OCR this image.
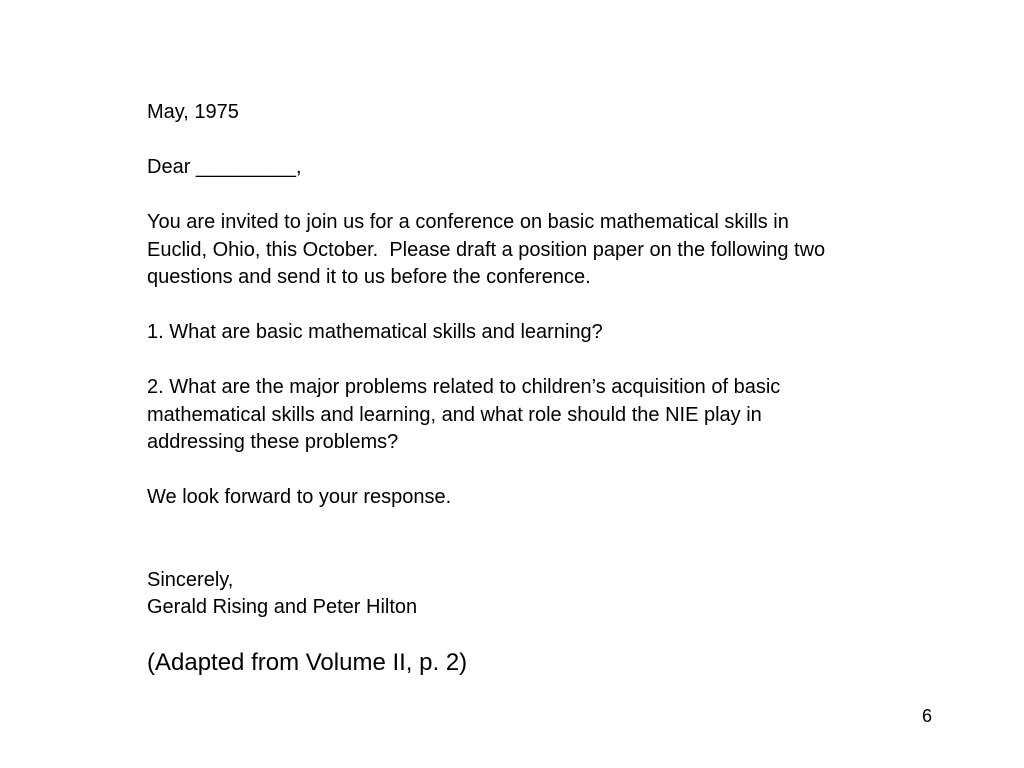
May, 1975

Dear _________,

You are invited to join us for a conference on basic mathematical skills in

Euclid, Ohio, this October.  Please draft a position paper on the following two

questions and send it to us before the conference.

1. What are basic mathematical skills and learning?

2. What are the major problems related to children’s acquisition of basic

mathematical skills and learning, and what role should the NIE play in

addressing these problems?

We look forward to your response.

Sincerely,

Gerald Rising and Peter Hilton

(Adapted from Volume II, p. 2)
6
